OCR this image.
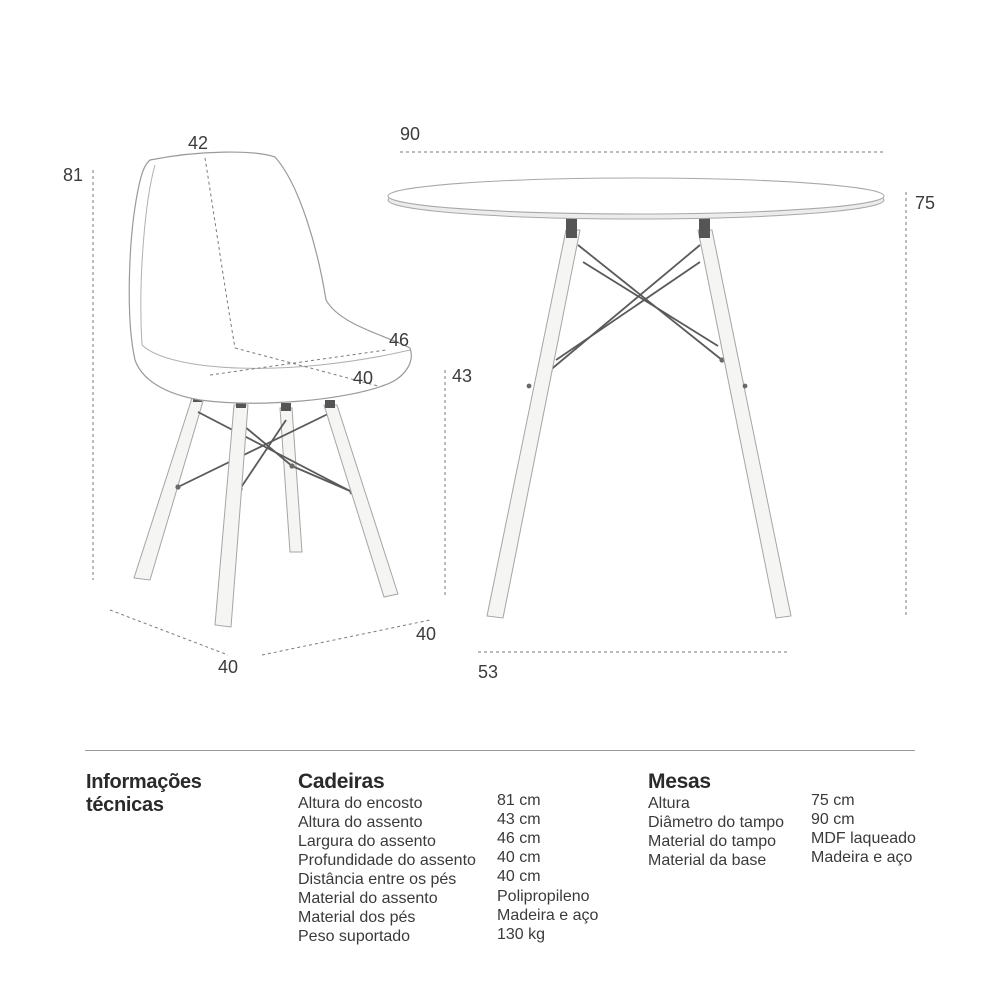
81
42
46
40	43
40
40
90
75
53
Informações
técnicas
Cadeiras
Altura do encosto	81 cm
Altura do assento	43 cm
Largura do assento	46 cm
Profundidade do assento 40 cm
Distância entre os pés	40 cm
Material do assento	Polipropileno
Material dos pés	Madeira e aço
Peso suportado	130 kg
Mesas
Altura	75 cm
Diâmetro do tampo 90 cm
Material do tampo MDF laqueado
Material da base	Madeira e aço
